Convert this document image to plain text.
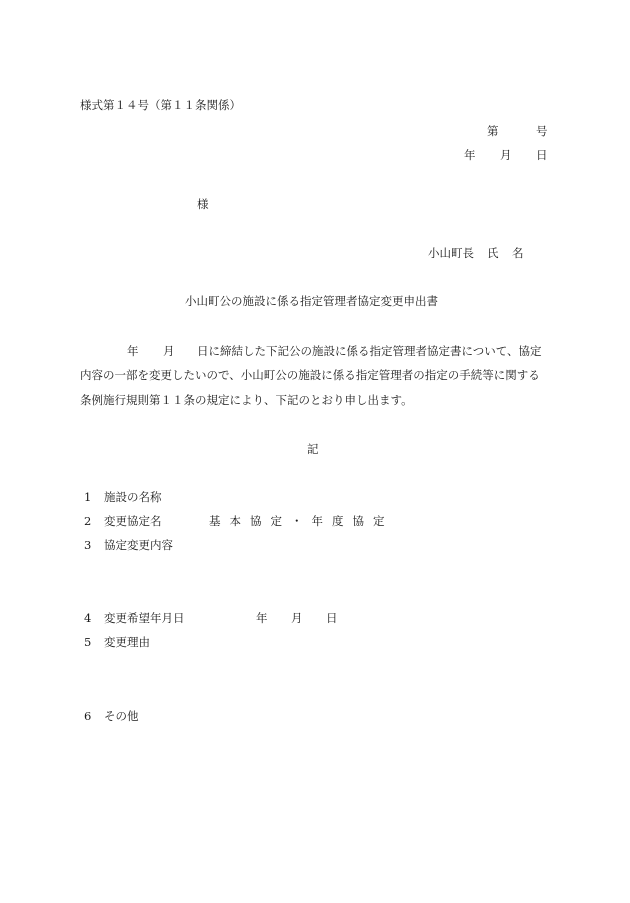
様式第１４号（第１１条関係）
第	号
年 月 日
様
小山町長 氏 名
小山町公の施設に係る指定管理者協定変更申出書
年 月 日に締結した下記公の施設に係る指定管理者協定書について、協定
内容の一部を変更したいので、小山町公の施設に係る指定管理者の指定の手続等に関する
条例施行規則第１１条の規定により、下記のとおり申し出ます。
記
1 施設の名称
2 変更協定名	基本協定・年度協定
3 協定変更内容
4 変更希望年月日	年 月 日
5 変更理由
6 その他
